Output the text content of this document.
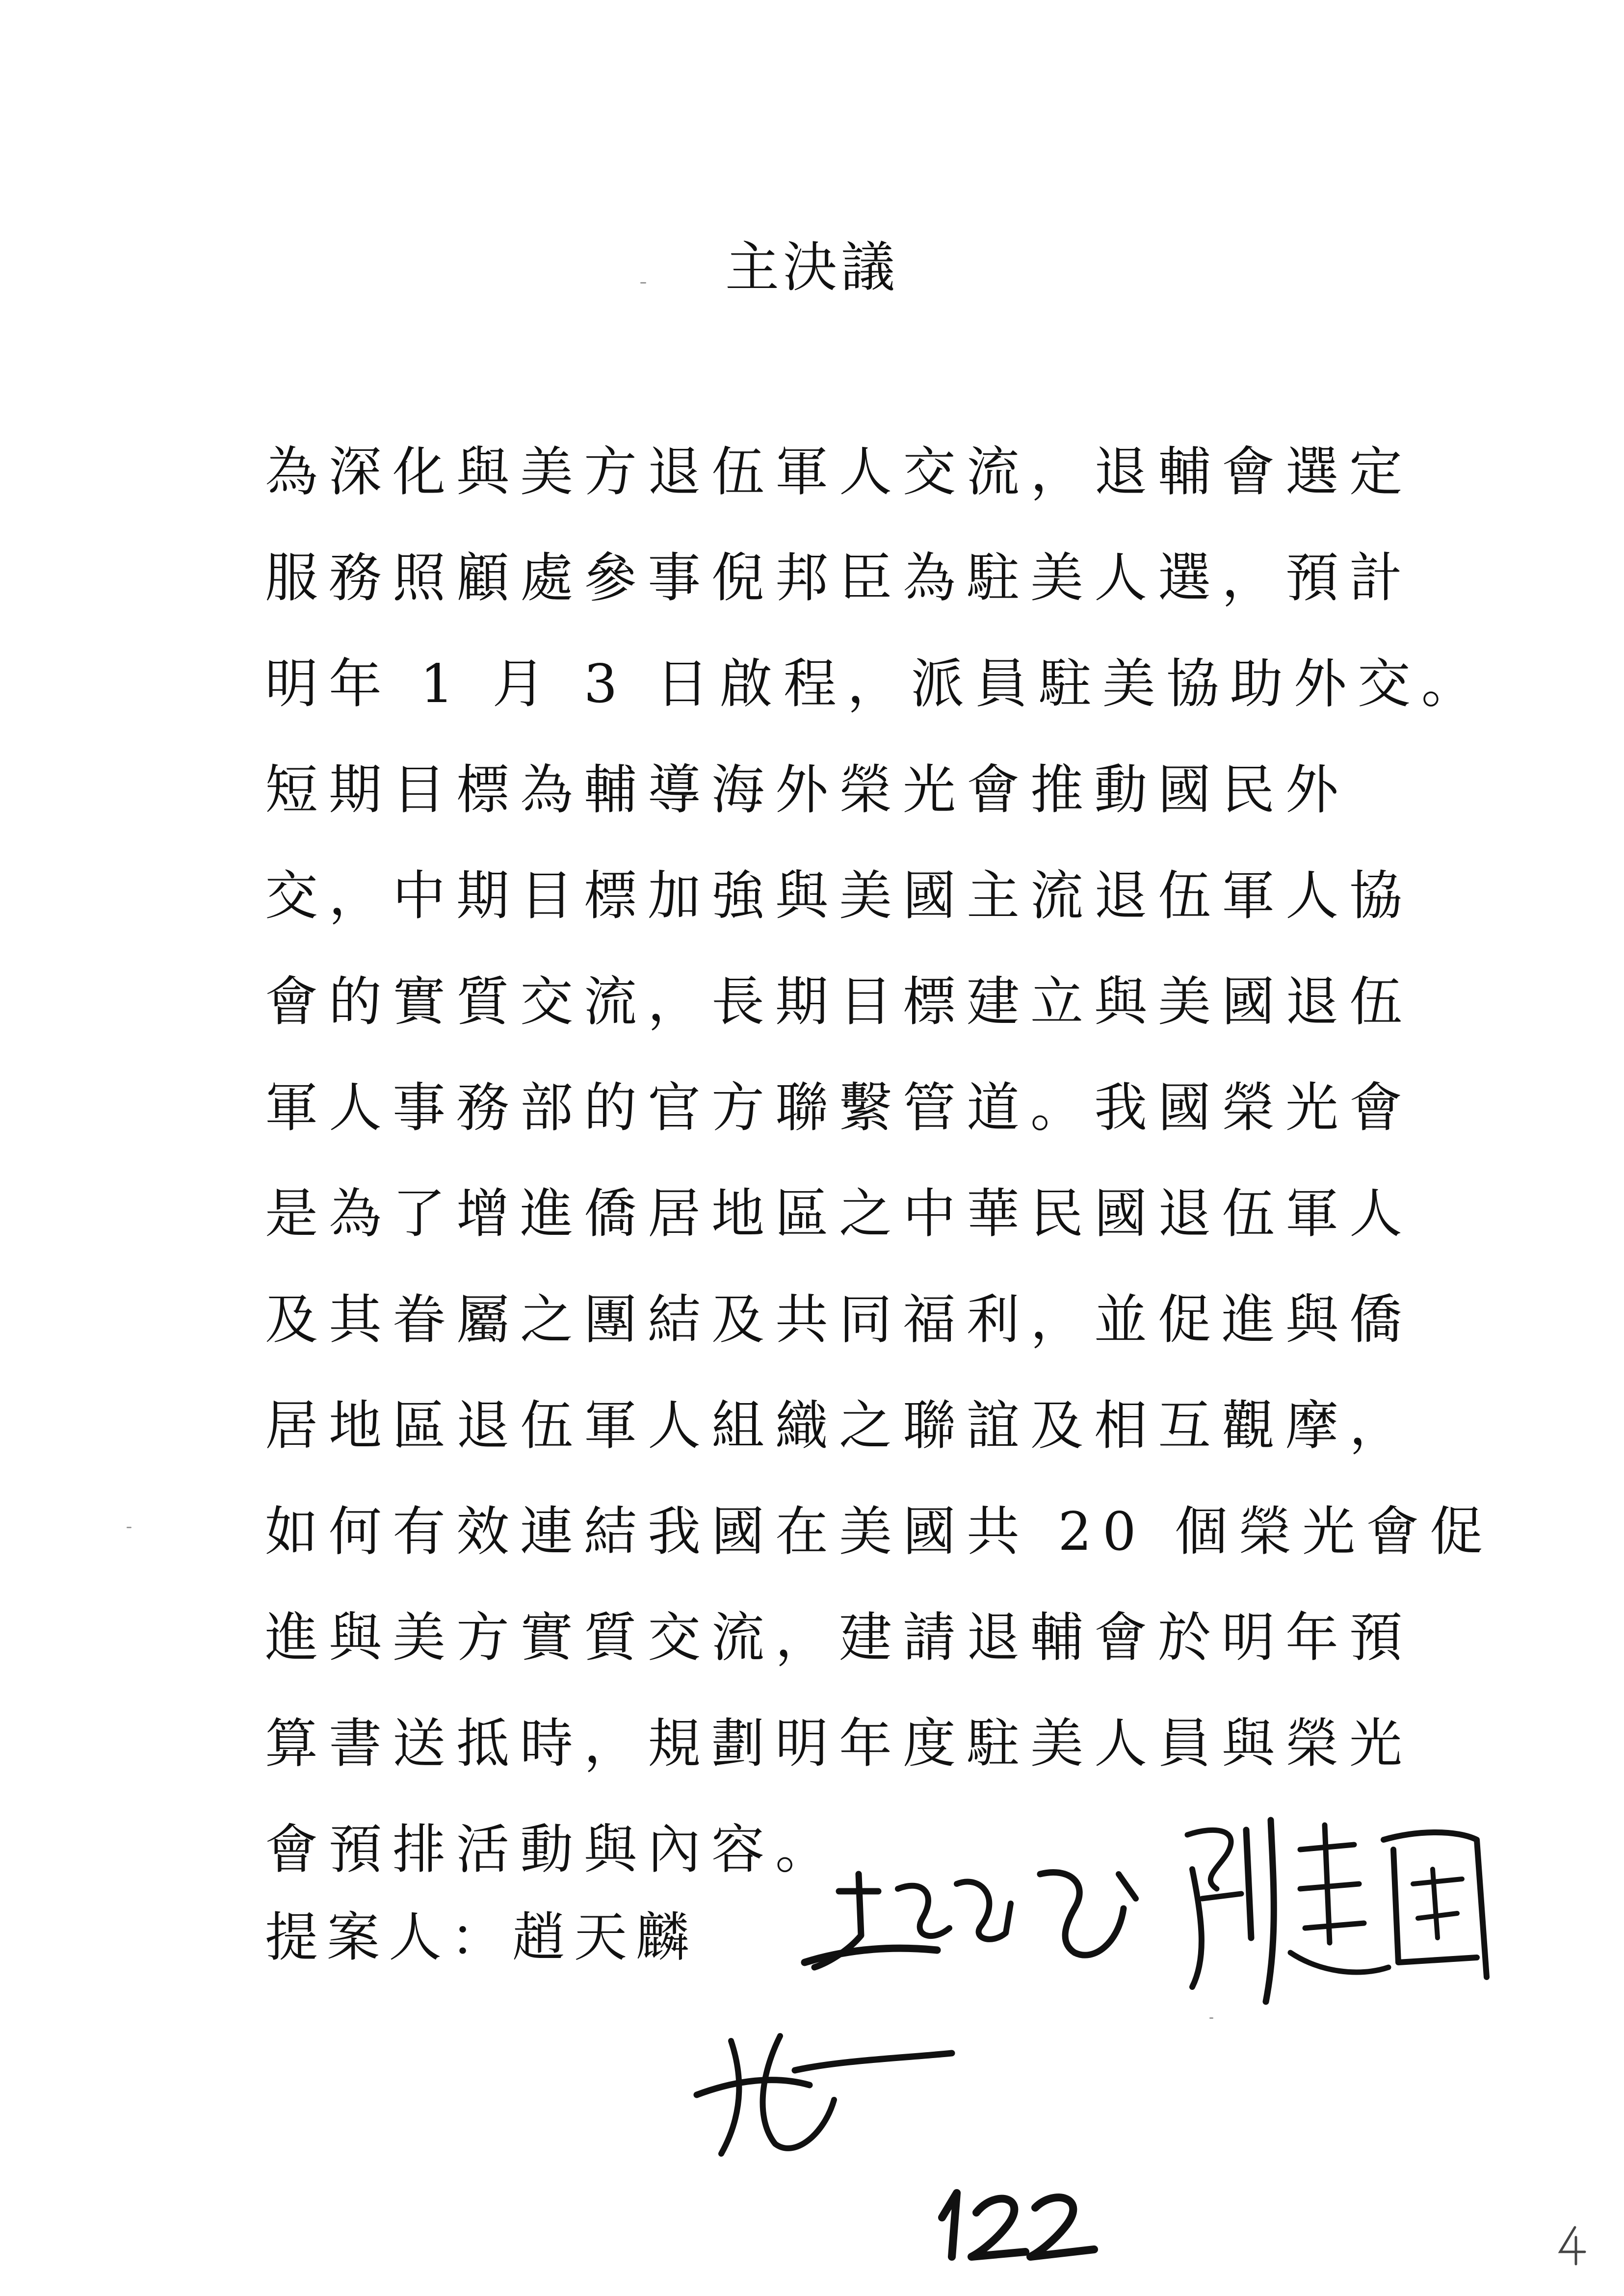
主決議
為深化與美方退伍軍人交流，退輔會選定
服務照顧處參事倪邦臣為駐美人選，預計
明年 1 月 3 日啟程，派員駐美協助外交。
短期目標為輔導海外榮光會推動國民外
交，中期目標加強與美國主流退伍軍人協
會的實質交流，長期目標建立與美國退伍
軍人事務部的官方聯繫管道。我國榮光會
是為了增進僑居地區之中華民國退伍軍人
及其眷屬之團結及共同福利，並促進與僑
居地區退伍軍人組織之聯誼及相互觀摩，
如何有效連結我國在美國共 20 個榮光會促
進與美方實質交流，建請退輔會於明年預
算書送抵時，規劃明年度駐美人員與榮光
會預排活動與內容。
提案人：趙天麟
